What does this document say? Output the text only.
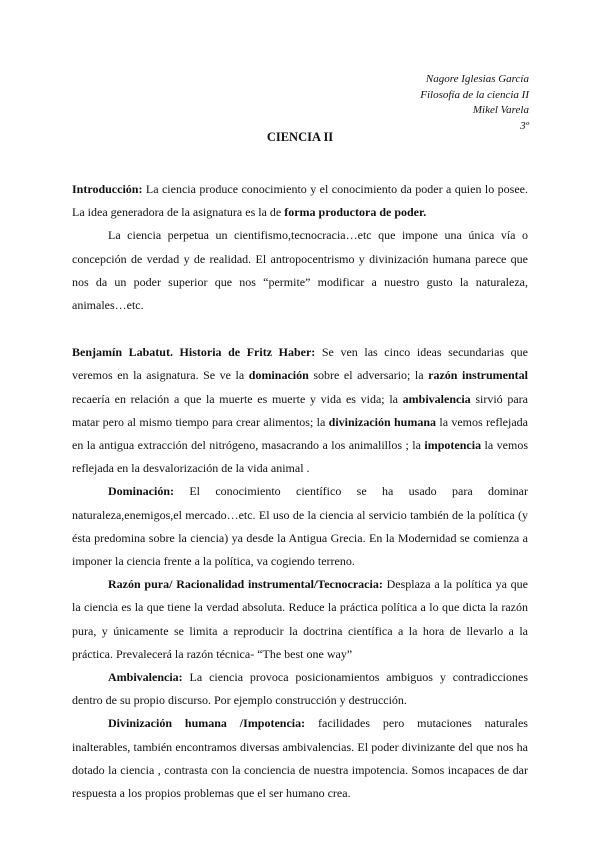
Nagore Iglesias García
Filosofía de la ciencia II
Mikel Varela
3º
CIENCIA II

Introducción: La ciencia produce conocimiento y el conocimiento da poder a quien lo posee. La idea generadora de la asignatura es la de forma productora de poder.

La ciencia perpetua un cientifismo,tecnocracia…etc que impone una única vía o concepción de verdad y de realidad. El antropocentrismo y divinización humana parece que nos da un poder superior que nos “permite” modificar a nuestro gusto la naturaleza, animales…etc.

Benjamín Labatut. Historia de Fritz Haber: Se ven las cinco ideas secundarias que veremos en la asignatura. Se ve la dominación sobre el adversario; la razón instrumental recaería en relación a que la muerte es muerte y vida es vida; la ambivalencia sirvió para matar pero al mismo tiempo para crear alimentos; la divinización humana la vemos reflejada en la antigua extracción del nitrógeno, masacrando a los animalillos ; la impotencia la vemos reflejada en la desvalorización de la vida animal .

Dominación: El conocimiento científico se ha usado para dominar naturaleza,enemigos,el mercado…etc. El uso de la ciencia al servicio también de la política (y ésta predomina sobre la ciencia) ya desde la Antigua Grecia. En la Modernidad se comienza a imponer la ciencia frente a la política, va cogiendo terreno.

Razón pura/ Racionalidad instrumental/Tecnocracia: Desplaza a la política ya que la ciencia es la que tiene la verdad absoluta. Reduce la práctica política a lo que dicta la razón pura, y únicamente se limita a reproducir la doctrina científica a la hora de llevarlo a la práctica. Prevalecerá la razón técnica- “The best one way”

Ambivalencia: La ciencia provoca posicionamientos ambiguos y contradicciones dentro de su propio discurso. Por ejemplo construcción y destrucción.

Divinización humana /Impotencia: facilidades pero mutaciones naturales inalterables, también encontramos diversas ambivalencias. El poder divinizante del que nos ha dotado la ciencia , contrasta con la conciencia de nuestra impotencia. Somos incapaces de dar respuesta a los propios problemas que el ser humano crea.
